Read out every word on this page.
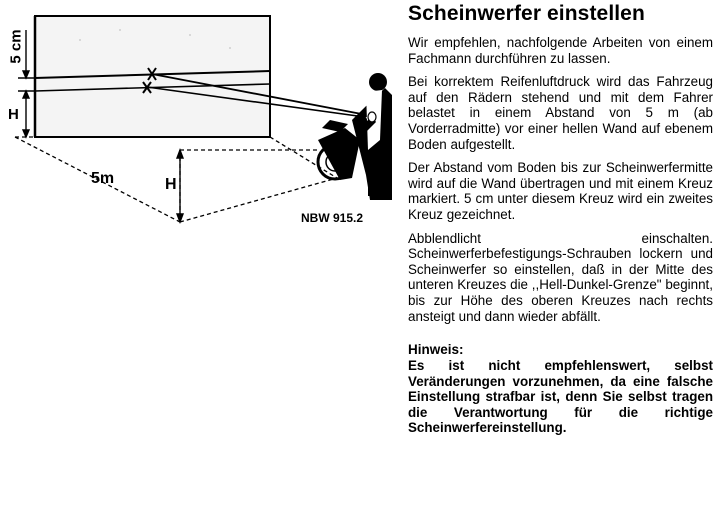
5 cm
H
5m	H
NBW 915.2
Scheinwerfer einstellen

Wir empfehlen, nachfolgende Arbeiten von einem Fachmann durchführen zu lassen.

Bei korrektem Reifenluftdruck wird das Fahrzeug auf den Rädern stehend und mit dem Fahrer belastet in einem Abstand von 5 m (ab Vorderradmitte) vor einer hellen Wand auf ebenem Boden aufgestellt.

Der Abstand vom Boden bis zur Scheinwerfermitte wird auf die Wand übertragen und mit einem Kreuz markiert. 5 cm unter diesem Kreuz wird ein zweites Kreuz gezeichnet.

Abblendlicht einschalten. Scheinwerferbefestigungs-Schrauben lockern und Scheinwerfer so einstellen, daß in der Mitte des unteren Kreuzes die ,,Hell-Dunkel-Grenze" beginnt, bis zur Höhe des oberen Kreuzes nach rechts ansteigt und dann wieder abfällt.

Hinweis:
Es ist nicht empfehlenswert, selbst Veränderungen vorzunehmen, da eine falsche Einstellung strafbar ist, denn Sie selbst tragen die Verantwortung für die richtige Scheinwerfereinstellung.
